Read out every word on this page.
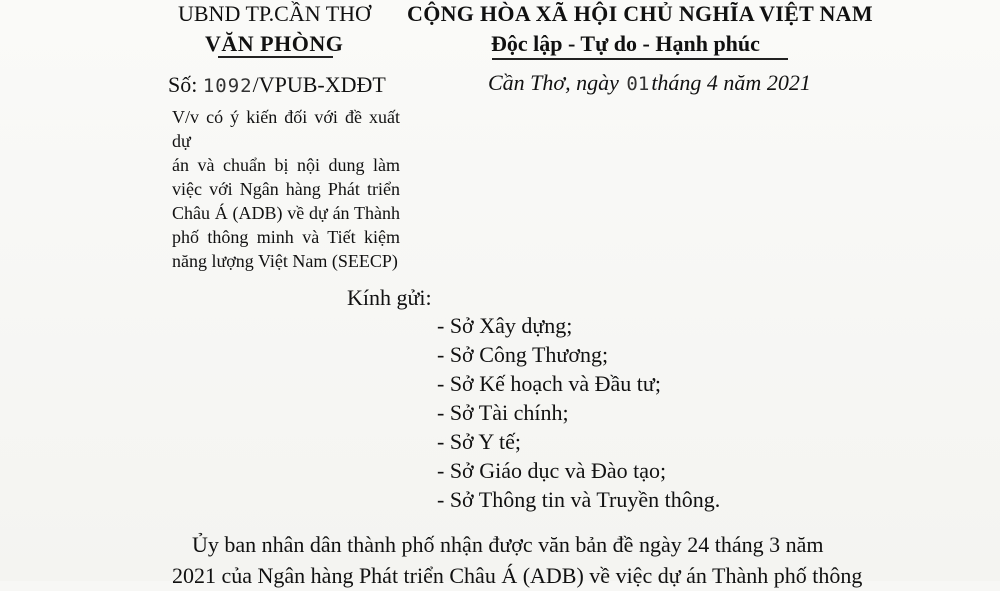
UBND TP.CẦN THƠ
VĂN PHÒNG
Số: 1092/VPUB-XDĐT
CỘNG HÒA XÃ HỘI CHỦ NGHĨA VIỆT NAM
Độc lập - Tự do - Hạnh phúc
Cần Thơ, ngày 01tháng 4 năm 2021
V/v có ý kiến đối với đề xuất dự
án và chuẩn bị nội dung làm
việc với Ngân hàng Phát triển
Châu Á (ADB) về dự án Thành
phố thông minh và Tiết kiệm
năng lượng Việt Nam (SEECP)
Kính gửi:
- Sở Xây dựng;
- Sở Công Thương;
- Sở Kế hoạch và Đầu tư;
- Sở Tài chính;
- Sở Y tế;
- Sở Giáo dục và Đào tạo;
- Sở Thông tin và Truyền thông.
Ủy ban nhân dân thành phố nhận được văn bản đề ngày 24 tháng 3 năm
2021 của Ngân hàng Phát triển Châu Á (ADB) về việc dự án Thành phố thông
